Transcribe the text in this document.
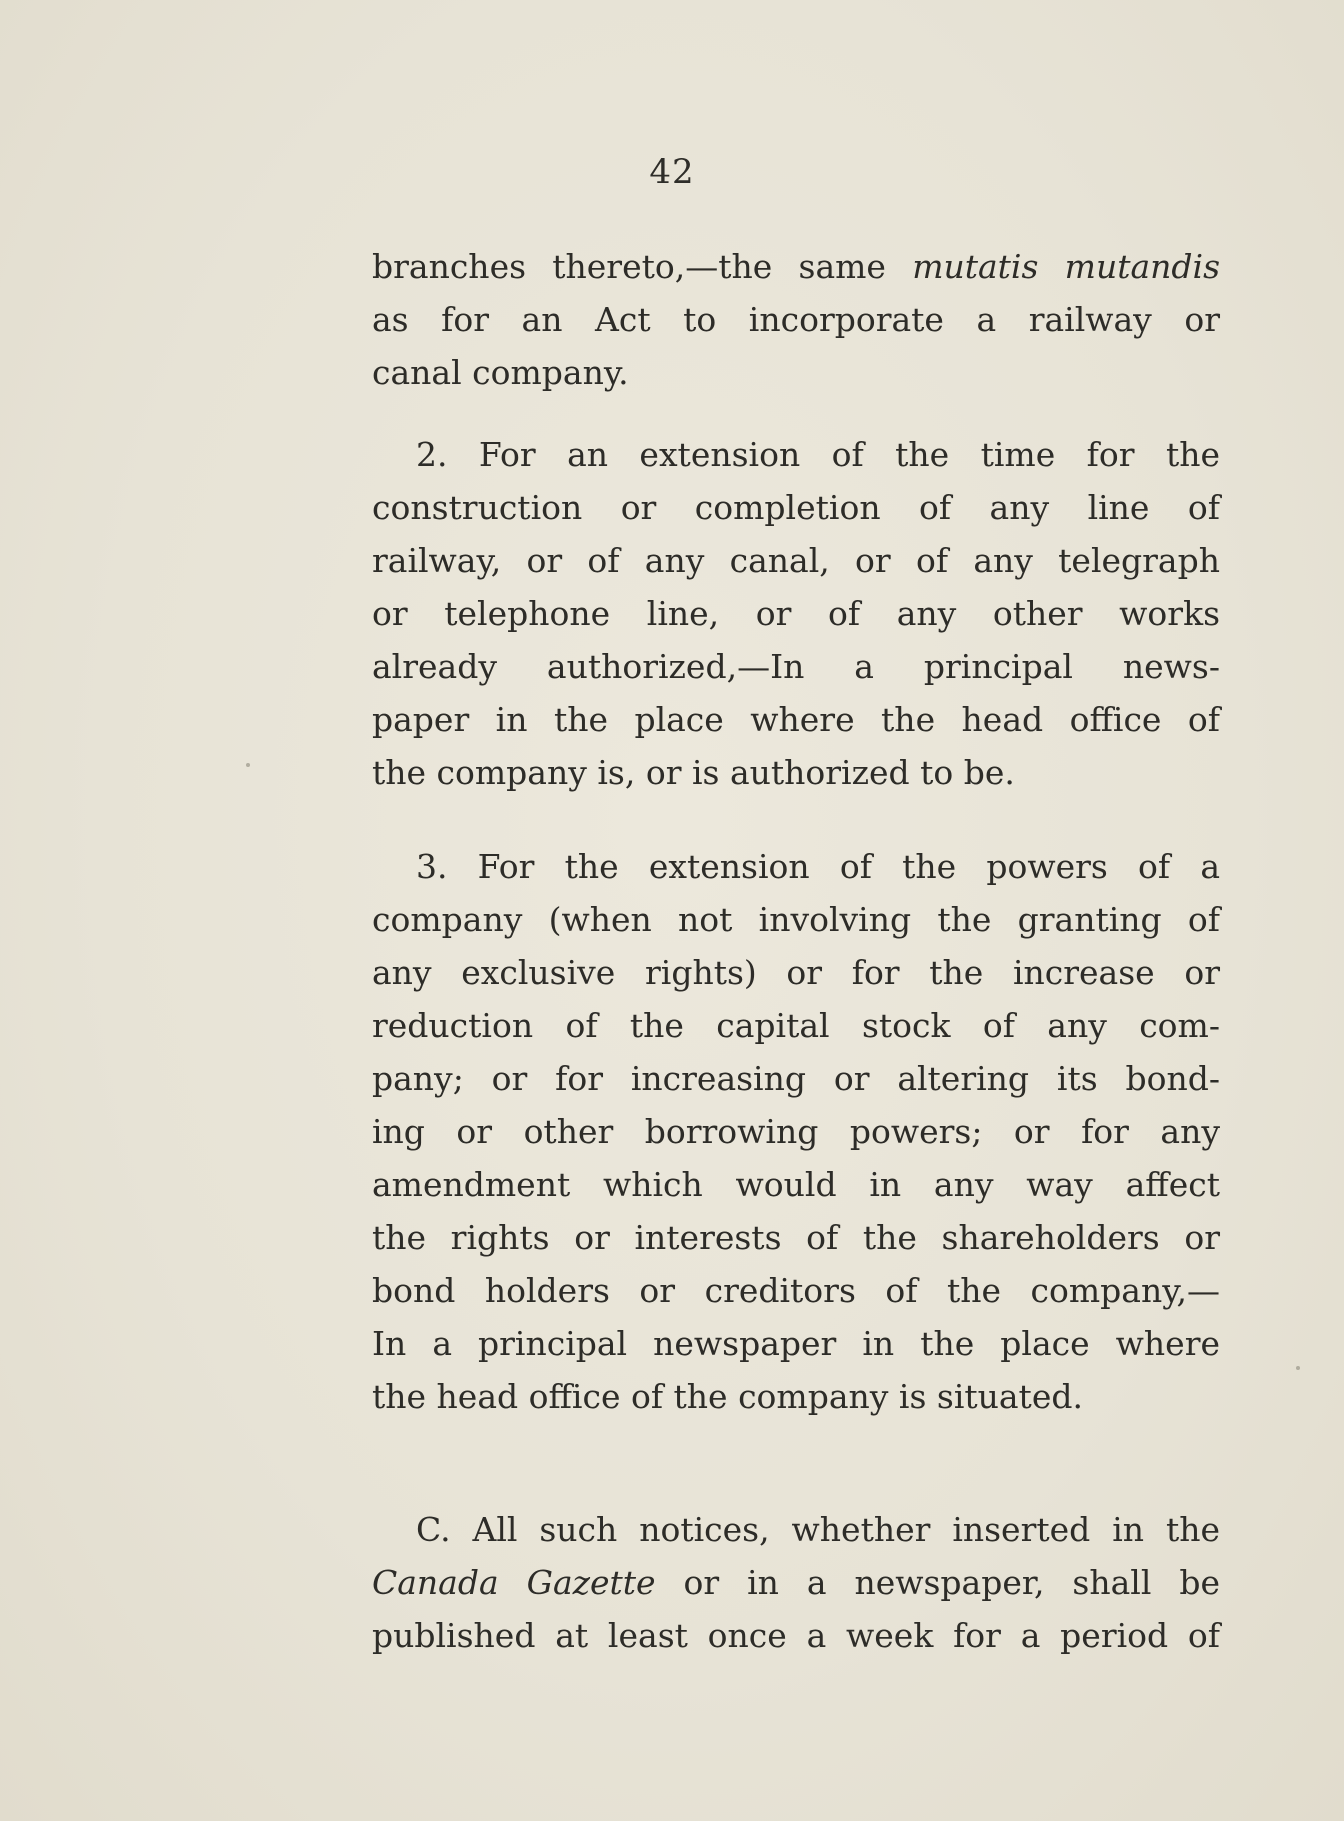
42
branches thereto,—the same mutatis mutandis
as for an Act to incorporate a railway or
canal company.
2. For an extension of the time for the
construction or completion of any line of
railway, or of any canal, or of any telegraph
or telephone line, or of any other works
already authorized,—In a principal news-
paper in the place where the head office of
the company is, or is authorized to be.
3. For the extension of the powers of a
company (when not involving the granting of
any exclusive rights) or for the increase or
reduction of the capital stock of any com-
pany; or for increasing or altering its bond-
ing or other borrowing powers; or for any
amendment which would in any way affect
the rights or interests of the shareholders or
bond holders or creditors of the company,—
In a principal newspaper in the place where
the head office of the company is situated.
C. All such notices, whether inserted in the
Canada Gazette or in a newspaper, shall be
published at least once a week for a period of
